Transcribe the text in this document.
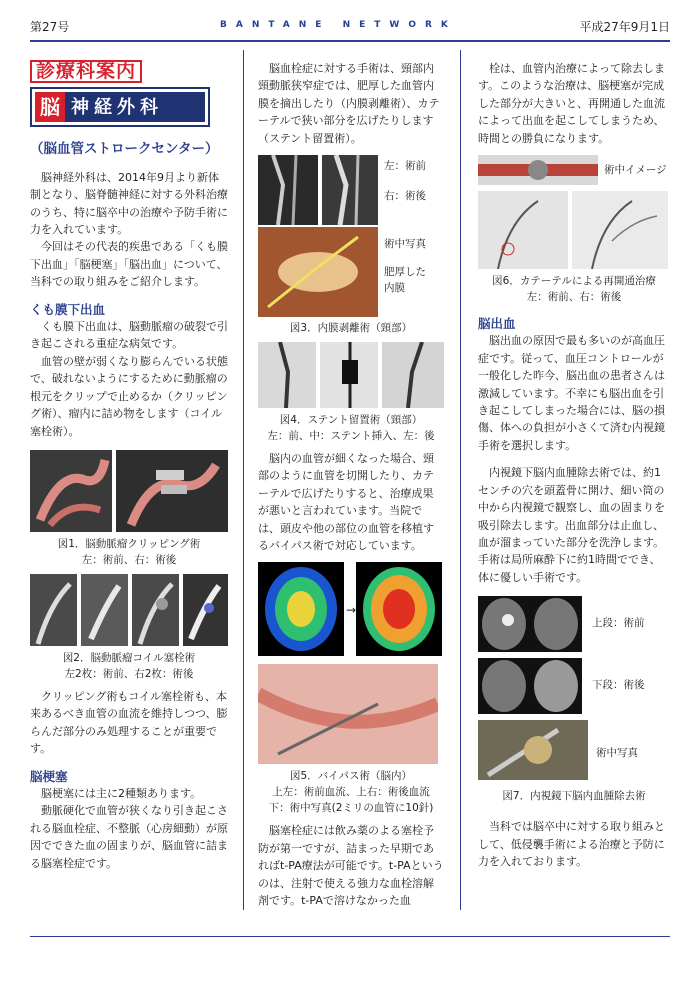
第27号	BANTANE NETWORK	平成27年9月1日
診療科案内
脳 神経外科
（脳血管ストロークセンター）

脳神経外科は、2014年9月より新体制となり、脳脊髄神経に対する外科治療のうち、特に脳卒中の治療や予防手術に力を入れています。

今回はその代表的疾患である「くも膜下出血」「脳梗塞」「脳出血」について、当科での取り組みをご紹介します。

くも膜下出血

くも膜下出血は、脳動脈瘤の破裂で引き起こされる重症な病気です。

血管の壁が弱くなり膨らんでいる状態で、破れないようにするために動脈瘤の根元をクリップで止めるか（クリッピング術）、瘤内に詰め物をします（コイル塞栓術）。

図1．脳動脈瘤クリッピング術
左：術前、右：術後
図2．脳動脈瘤コイル塞栓術
左2枚：術前、右2枚：術後

クリッピング術もコイル塞栓術も、本来あるべき血管の血流を維持しつつ、膨らんだ部分のみ処理することが重要です。

脳梗塞

脳梗塞には主に2種類あります。

動脈硬化で血管が狭くなり引き起こされる脳血栓症、不整脈（心房細動）が原因でできた血の固まりが、脳血管に詰まる脳塞栓症です。

脳血栓症に対する手術は、頸部内頸動脈狭窄症では、肥厚した血管内膜を摘出したり（内膜剥離術）、カテーテルで狭い部分を広げたりします（ステント留置術）。

左：術前
右：術後
術中写真
肥厚した
内膜
図3．内膜剥離術（頸部）
図4．ステント留置術（頸部）
左：前、中：ステント挿入、左：後

脳内の血管が細くなった場合、頸部のように血管を切開したり、カテーテルで広げたりすると、治療成果が悪いと言われています。当院では、頭皮や他の部位の血管を移植するバイパス術で対応しています。

→
図5．バイパス術（脳内）
上左：術前血流、上右：術後血流
下：術中写真(2ミリの血管に10針)

脳塞栓症には飲み薬のよる塞栓予防が第一ですが、詰まった早期であればt-PA療法が可能です。t-PAというのは、注射で使える強力な血栓溶解剤です。t-PAで溶けなかった血

栓は、血管内治療によって除去します。このような治療は、脳梗塞が完成した部分が大きいと、再開通した血流によって出血を起こしてしまうため、時間との勝負になります。

術中イメージ
図6．カテーテルによる再開通治療
左：術前、右：術後
脳出血

脳出血の原因で最も多いのが高血圧症です。従って、血圧コントロールが一般化した昨今、脳出血の患者さんは激減しています。不幸にも脳出血を引き起こしてしまった場合には、脳の損傷、体への負担が小さくて済む内視鏡手術を選択します。

内視鏡下脳内血腫除去術では、約1センチの穴を頭蓋骨に開け、細い筒の中から内視鏡で観察し、血の固まりを吸引除去します。出血部分は止血し、血が溜まっていた部分を洗浄します。手術は局所麻酔下に約1時間ででき、体に優しい手術です。

上段：術前
下段：術後
術中写真
図7．内視鏡下脳内血腫除去術

当科では脳卒中に対する取り組みとして、低侵襲手術による治療と予防に力を入れております。
